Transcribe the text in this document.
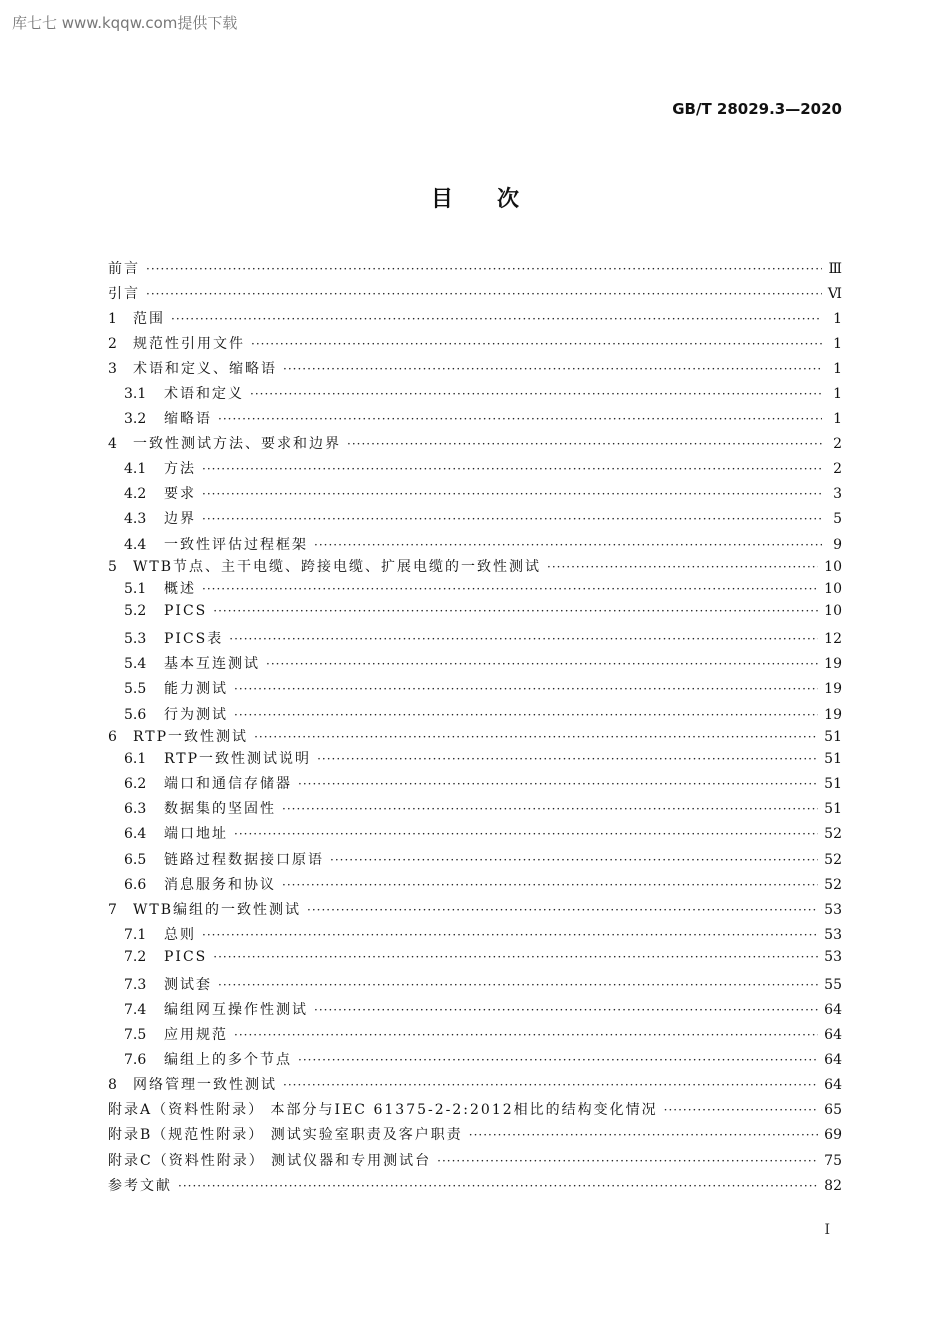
库七七 www.kqqw.com提供下载
GB/T 28029.3—2020
目次
前言 ·····	Ⅲ
引言 ·····	Ⅵ
1	范围 ·····	1
2	规范性引用文件 ·····	1
3	术语和定义、缩略语 ·····	1
3.1	术语和定义 ·····	1
3.2	缩略语 ·····	1
4	一致性测试方法、要求和边界 ·····	2
4.1	方法 ·····	2
4.2	要求 ·····	3
4.3	边界 ·····	5
4.4	一致性评估过程框架 ·····	9
5	WTB节点、主干电缆、跨接电缆、扩展电缆的一致性测试 ·····	10
5.1	概述 ·····	10
5.2	PICS ·····	10
5.3	PICS表 ·····	12
5.4	基本互连测试 ·····	19
5.5	能力测试 ·····	19
5.6	行为测试 ·····	19
6	RTP一致性测试 ·····	51
6.1	RTP一致性测试说明 ·····	51
6.2	端口和通信存储器 ·····	51
6.3	数据集的坚固性 ·····	51
6.4	端口地址 ·····	52
6.5	链路过程数据接口原语 ·····	52
6.6	消息服务和协议 ·····	52
7	WTB编组的一致性测试 ·····	53
7.1	总则 ·····	53
7.2	PICS ·····	53
7.3	测试套 ·····	55
7.4	编组网互操作性测试 ·····	64
7.5	应用规范 ·····	64
7.6	编组上的多个节点 ·····	64
8	网络管理一致性测试 ·····	64
附录A（资料性附录） 本部分与IEC 61375-2-2:2012相比的结构变化情况 ·····	65
附录B（规范性附录） 测试实验室职责及客户职责 ·····	69
附录C（资料性附录） 测试仪器和专用测试台 ·····	75
参考文献 ·····	82
I
